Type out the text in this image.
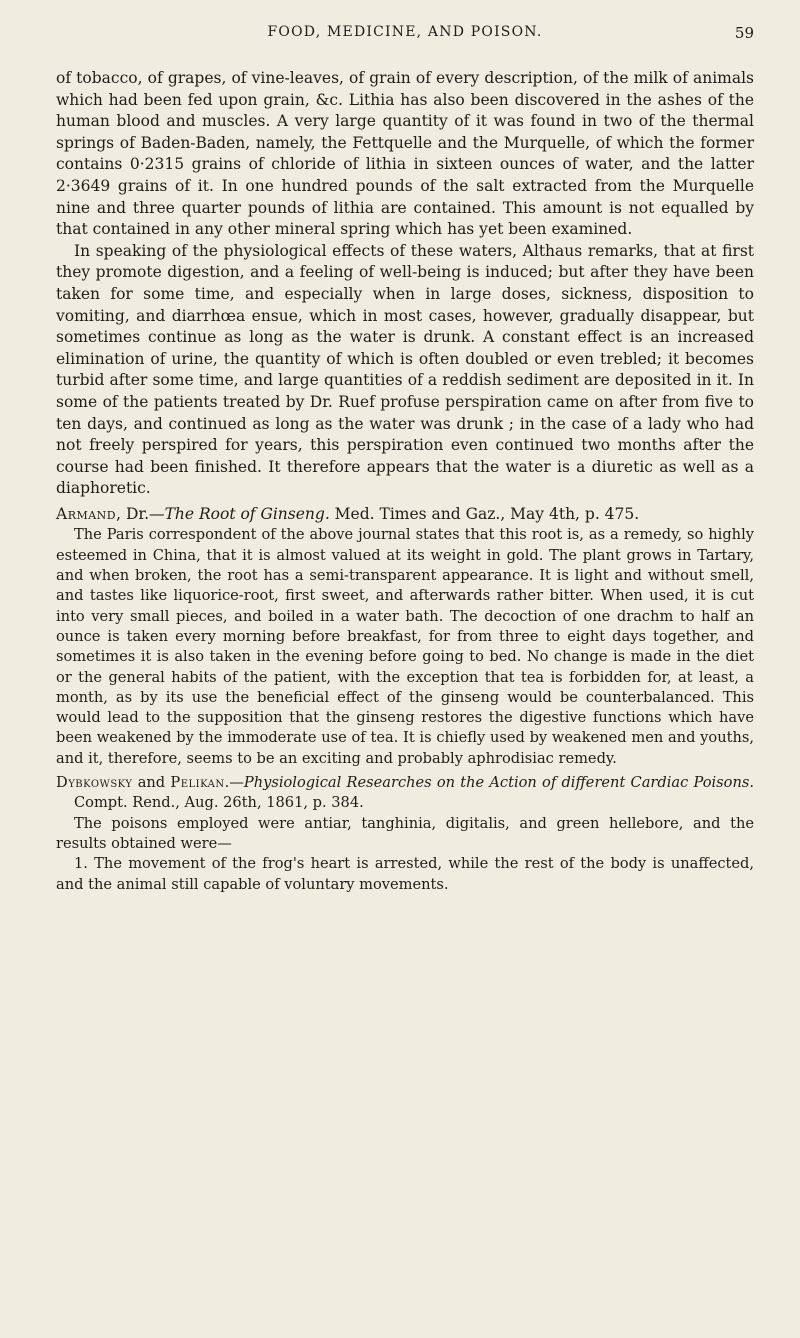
FOOD, MEDICINE, AND POISON.	59

of tobacco, of grapes, of vine-leaves, of grain of every description, of the milk of animals which had been fed upon grain, &c. Lithia has also been discovered in the ashes of the human blood and muscles. A very large quantity of it was found in two of the thermal springs of Baden-Baden, namely, the Fettquelle and the Murquelle, of which the former contains 0·2315 grains of chloride of lithia in sixteen ounces of water, and the latter 2·3649 grains of it. In one hundred pounds of the salt extracted from the Murquelle nine and three quarter pounds of lithia are contained. This amount is not equalled by that contained in any other mineral spring which has yet been examined.

In speaking of the physiological effects of these waters, Althaus remarks, that at first they promote digestion, and a feeling of well-being is induced; but after they have been taken for some time, and especially when in large doses, sickness, disposition to vomiting, and diarrhœa ensue, which in most cases, however, gradually disappear, but sometimes continue as long as the water is drunk. A constant effect is an increased elimination of urine, the quantity of which is often doubled or even trebled; it becomes turbid after some time, and large quantities of a reddish sediment are deposited in it. In some of the patients treated by Dr. Ruef profuse perspiration came on after from five to ten days, and continued as long as the water was drunk ; in the case of a lady who had not freely perspired for years, this perspiration even continued two months after the course had been finished. It therefore appears that the water is a diuretic as well as a diaphoretic.

Armand, Dr.—The Root of Ginseng. Med. Times and Gaz., May 4th, p. 475.

The Paris correspondent of the above journal states that this root is, as a remedy, so highly esteemed in China, that it is almost valued at its weight in gold. The plant grows in Tartary, and when broken, the root has a semi-transparent appearance. It is light and without smell, and tastes like liquorice-root, first sweet, and afterwards rather bitter. When used, it is cut into very small pieces, and boiled in a water bath. The decoction of one drachm to half an ounce is taken every morning before breakfast, for from three to eight days together, and sometimes it is also taken in the evening before going to bed. No change is made in the diet or the general habits of the patient, with the exception that tea is forbidden for, at least, a month, as by its use the beneficial effect of the ginseng would be counterbalanced. This would lead to the supposition that the ginseng restores the digestive functions which have been weakened by the immoderate use of tea. It is chiefly used by weakened men and youths, and it, therefore, seems to be an exciting and probably aphrodisiac remedy.

Dybkowsky and Pelikan.—Physiological Researches on the Action of different Cardiac Poisons. Compt. Rend., Aug. 26th, 1861, p. 384.

The poisons employed were antiar, tanghinia, digitalis, and green hellebore, and the results obtained were—

1. The movement of the frog's heart is arrested, while the rest of the body is unaffected, and the animal still capable of voluntary movements.
